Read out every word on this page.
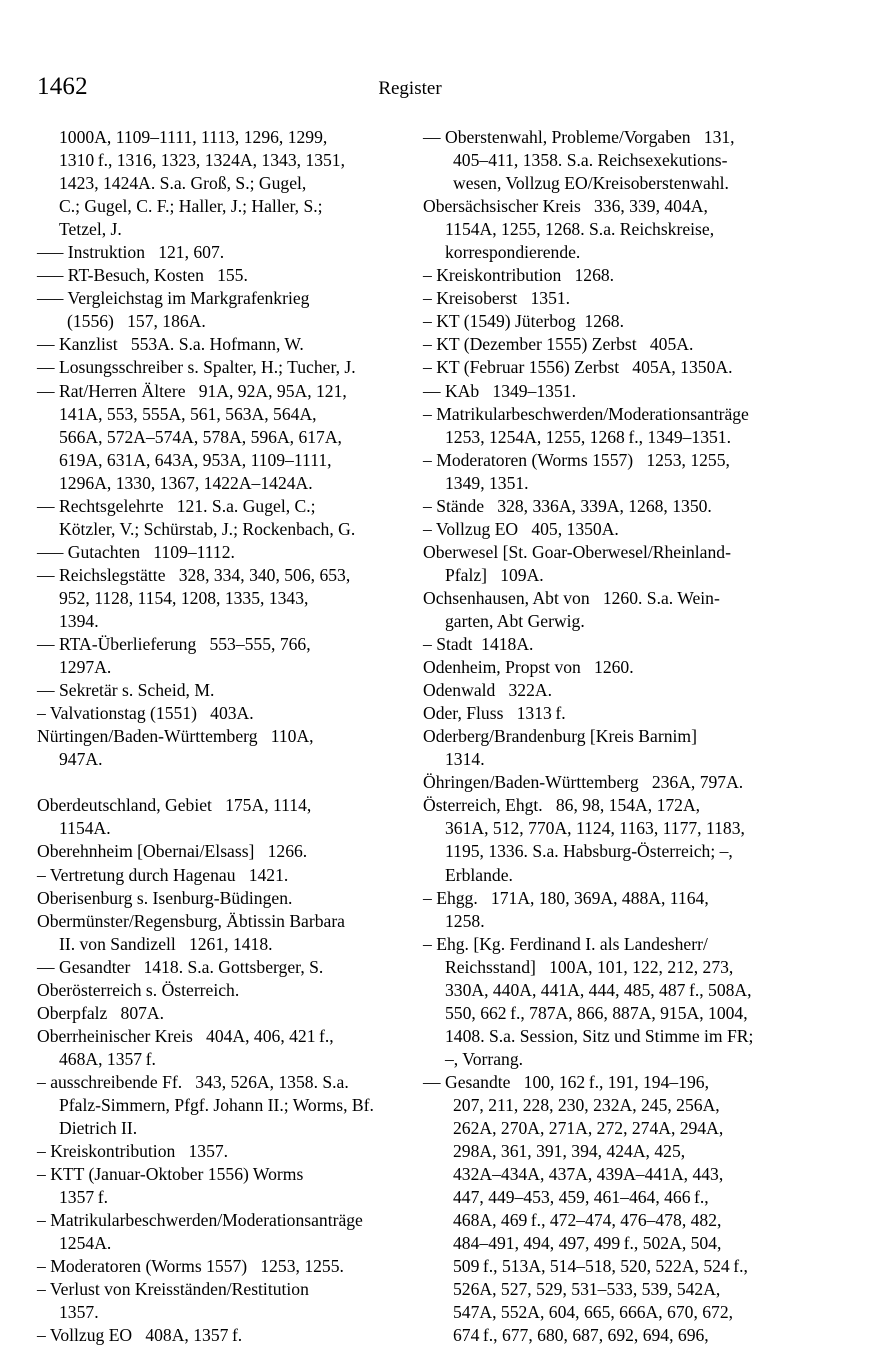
1462	Register
1000A, 1109–1111, 1113, 1296, 1299,
1310 f., 1316, 1323, 1324A, 1343, 1351,
1423, 1424A. S.a. Groß, S.; Gugel,
C.; Gugel, C. F.; Haller, J.; Haller, S.;
Tetzel, J.
––– Instruktion   121, 607.
––– RT-Besuch, Kosten   155.
––– Vergleichstag im Markgrafenkrieg
(1556)   157, 186A.
–– Kanzlist   553A. S.a. Hofmann, W.
–– Losungsschreiber s. Spalter, H.; Tucher, J.
–– Rat/Herren Ältere   91A, 92A, 95A, 121,
141A, 553, 555A, 561, 563A, 564A,
566A, 572A–574A, 578A, 596A, 617A,
619A, 631A, 643A, 953A, 1109–1111,
1296A, 1330, 1367, 1422A–1424A.
–– Rechtsgelehrte   121. S.a. Gugel, C.;
Kötzler, V.; Schürstab, J.; Rockenbach, G.
––– Gutachten   1109–1112.
–– Reichslegstätte   328, 334, 340, 506, 653,
952, 1128, 1154, 1208, 1335, 1343,
1394.
–– RTA-Überlieferung   553–555, 766,
1297A.
–– Sekretär s. Scheid, M.
– Valvationstag (1551)   403A.
Nürtingen/Baden-Württemberg   110A,
947A.
Oberdeutschland, Gebiet   175A, 1114,
1154A.
Oberehnheim [Obernai/Elsass]   1266.
– Vertretung durch Hagenau   1421.
Oberisenburg s. Isenburg-Büdingen.
Obermünster/Regensburg, Äbtissin Barbara
II. von Sandizell   1261, 1418.
–– Gesandter   1418. S.a. Gottsberger, S.
Oberösterreich s. Österreich.
Oberpfalz   807A.
Oberrheinischer Kreis   404A, 406, 421 f.,
468A, 1357 f.
– ausschreibende Ff.   343, 526A, 1358. S.a.
Pfalz-Simmern, Pfgf. Johann II.; Worms, Bf.
Dietrich II.
– Kreiskontribution   1357.
– KTT (Januar-Oktober 1556) Worms
1357 f.
– Matrikularbeschwerden/Moderationsanträge
1254A.
– Moderatoren (Worms 1557)   1253, 1255.
– Verlust von Kreisständen/Restitution
1357.
– Vollzug EO   408A, 1357 f.
–– Oberstenwahl, Probleme/Vorgaben   131,
405–411, 1358. S.a. Reichsexekutions-
wesen, Vollzug EO/Kreisoberstenwahl.
Obersächsischer Kreis   336, 339, 404A,
1154A, 1255, 1268. S.a. Reichskreise,
korrespondierende.
– Kreiskontribution   1268.
– Kreisoberst   1351.
– KT (1549) Jüterbog  1268.
– KT (Dezember 1555) Zerbst   405A.
– KT (Februar 1556) Zerbst   405A, 1350A.
–– KAb   1349–1351.
– Matrikularbeschwerden/Moderationsanträge
1253, 1254A, 1255, 1268 f., 1349–1351.
– Moderatoren (Worms 1557)   1253, 1255,
1349, 1351.
– Stände   328, 336A, 339A, 1268, 1350.
– Vollzug EO   405, 1350A.
Oberwesel [St. Goar-Oberwesel/Rheinland-
Pfalz]   109A.
Ochsenhausen, Abt von   1260. S.a. Wein-
garten, Abt Gerwig.
– Stadt  1418A.
Odenheim, Propst von   1260.
Odenwald   322A.
Oder, Fluss   1313 f.
Oderberg/Brandenburg [Kreis Barnim]
1314.
Öhringen/Baden-Württemberg   236A, 797A.
Österreich, Ehgt.   86, 98, 154A, 172A,
361A, 512, 770A, 1124, 1163, 1177, 1183,
1195, 1336. S.a. Habsburg-Österreich; –,
Erblande.
– Ehgg.   171A, 180, 369A, 488A, 1164,
1258.
– Ehg. [Kg. Ferdinand I. als Landesherr/
Reichsstand]   100A, 101, 122, 212, 273,
330A, 440A, 441A, 444, 485, 487 f., 508A,
550, 662 f., 787A, 866, 887A, 915A, 1004,
1408. S.a. Session, Sitz und Stimme im FR;
–, Vorrang.
–– Gesandte   100, 162 f., 191, 194–196,
207, 211, 228, 230, 232A, 245, 256A,
262A, 270A, 271A, 272, 274A, 294A,
298A, 361, 391, 394, 424A, 425,
432A–434A, 437A, 439A–441A, 443,
447, 449–453, 459, 461–464, 466 f.,
468A, 469 f., 472–474, 476–478, 482,
484–491, 494, 497, 499 f., 502A, 504,
509 f., 513A, 514–518, 520, 522A, 524 f.,
526A, 527, 529, 531–533, 539, 542A,
547A, 552A, 604, 665, 666A, 670, 672,
674 f., 677, 680, 687, 692, 694, 696,
